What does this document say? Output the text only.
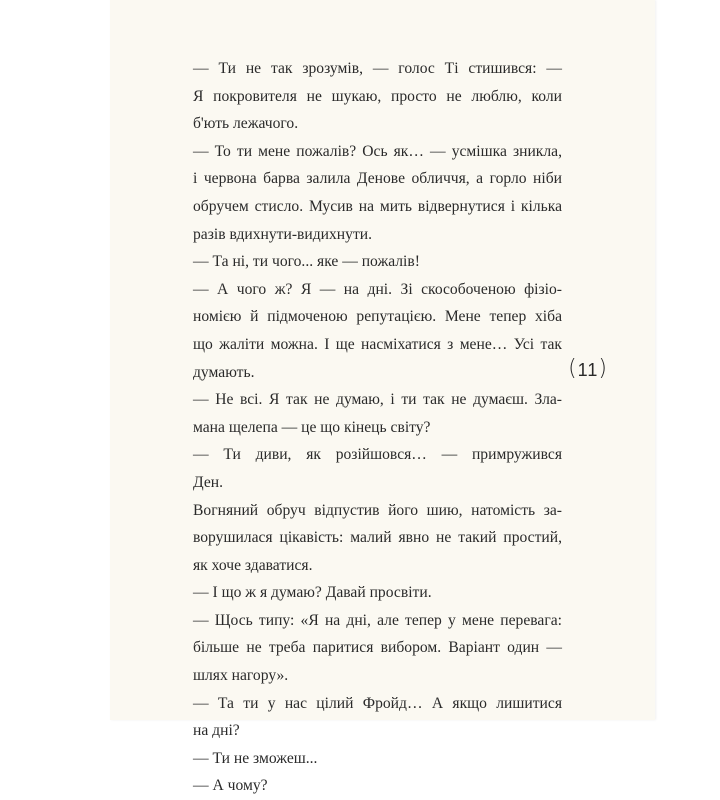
— Ти не так зрозумів, — голос Ті стишився: —
Я покровителя не шукаю, просто не люблю, коли
б'ють лежачого.

— То ти мене пожалів? Ось як… — усмішка зникла,
і червона барва залила Денове обличчя, а горло ніби
обручем стисло. Мусив на мить відвернутися і кілька
разів вдихнути-видихнути.

— Та ні, ти чого... яке — пожалів!

— А чого ж? Я — на дні. Зі скособоченою фізіо-
номією й підмоченою репутацією. Мене тепер хіба
що жаліти можна. І ще насміхатися з мене… Усі так
думають.

— Не всі. Я так не думаю, і ти так не думаєш. Зла-
мана щелепа — це що кінець світу?

— Ти диви, як розійшовся… — примружився
Ден.

Вогняний обруч відпустив його шию, натомість за-
ворушилася цікавість: малий явно не такий простий,
як хоче здаватися.

— І що ж я думаю? Давай просвіти.

— Щось типу: «Я на дні, але тепер у мене перевага:
більше не треба паритися вибором. Варіант один —
шлях нагору».

— Та ти у нас цілий Фройд… А якщо лишитися
на дні?

— Ти не зможеш...

— А чому?

(11)
